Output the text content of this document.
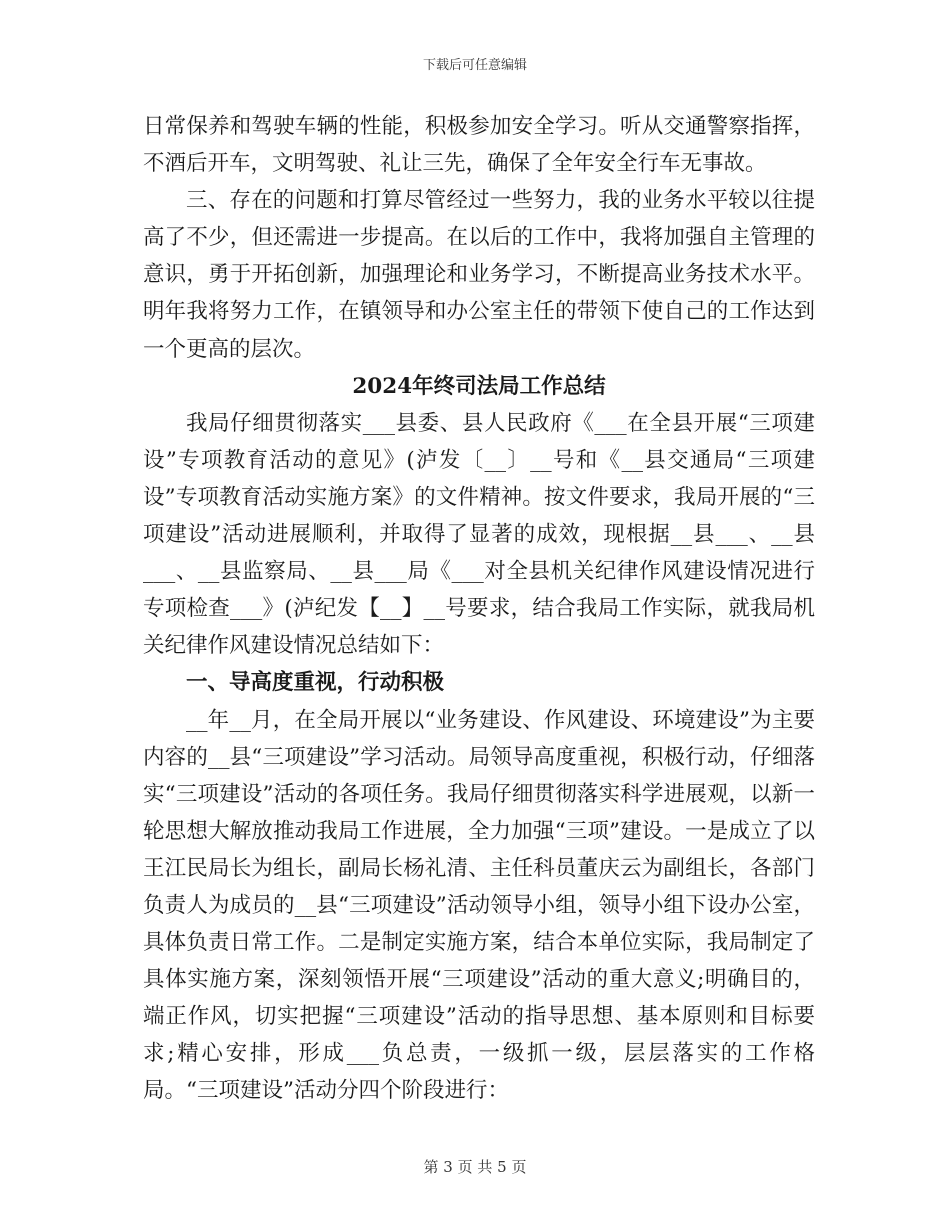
下载后可任意编辑

日常保养和驾驶车辆的性能，积极参加安全学习。听从交通警察指挥，不酒后开车，文明驾驶、礼让三先，确保了全年安全行车无事故。

三、存在的问题和打算尽管经过一些努力，我的业务水平较以往提高了不少，但还需进一步提高。在以后的工作中，我将加强自主管理的意识，勇于开拓创新，加强理论和业务学习，不断提高业务技术水平。明年我将努力工作，在镇领导和办公室主任的带领下使自己的工作达到一个更高的层次。

2024年终司法局工作总结

我局仔细贯彻落实___县委、县人民政府《___在全县开展“三项建设”专项教育活动的意见》(泸发〔__〕__号和《__县交通局“三项建设”专项教育活动实施方案》的文件精神。按文件要求，我局开展的“三项建设”活动进展顺利，并取得了显著的成效，现根据__县___、__县___、__县监察局、__县___局《___对全县机关纪律作风建设情况进行专项检查___》(泸纪发【__】__号要求，结合我局工作实际，就我局机关纪律作风建设情况总结如下：

一、导高度重视，行动积极

__年__月，在全局开展以“业务建设、作风建设、环境建设”为主要内容的__县“三项建设”学习活动。局领导高度重视，积极行动，仔细落实“三项建设”活动的各项任务。我局仔细贯彻落实科学进展观，以新一轮思想大解放推动我局工作进展，全力加强“三项”建设。一是成立了以王江民局长为组长，副局长杨礼清、主任科员董庆云为副组长，各部门负责人为成员的__县“三项建设”活动领导小组，领导小组下设办公室，具体负责日常工作。二是制定实施方案，结合本单位实际，我局制定了具体实施方案，深刻领悟开展“三项建设”活动的重大意义;明确目的，端正作风，切实把握“三项建设”活动的指导思想、基本原则和目标要求;精心安排，形成___负总责，一级抓一级，层层落实的工作格局。“三项建设”活动分四个阶段进行：

第 3 页 共 5 页
